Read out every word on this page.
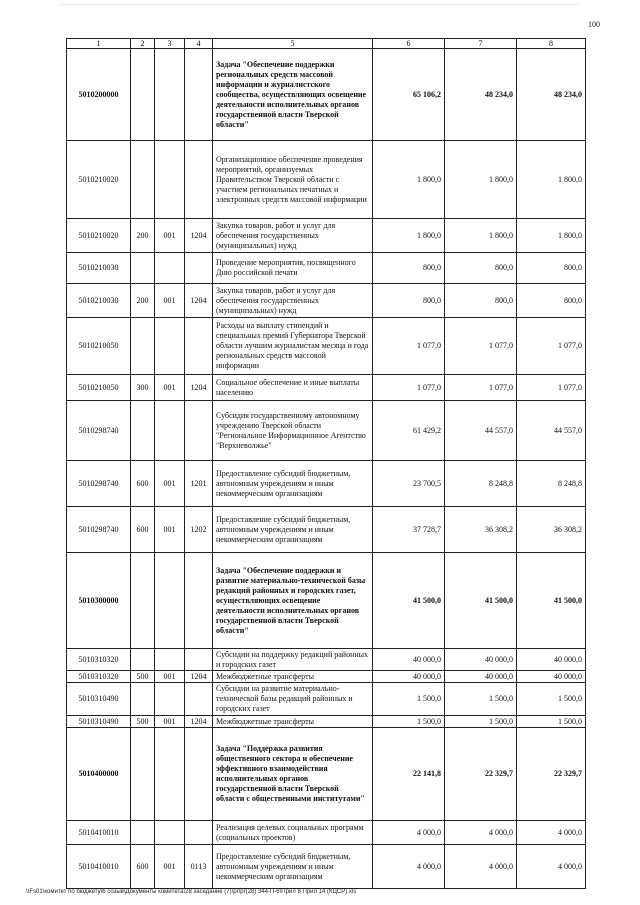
100
1	2	3	4	5	6	7	8
5010200000				Задача "Обеспечение поддержки региональных средств массовой информации и журналистского сообщества, осуществляющих освещение деятельности исполнительных органов государственной власти Тверской области"	65 106,2	48 234,0	48 234,0
5010210020				Организационное обеспечение проведения мероприятий, организуемых Правительством Тверской области с участием региональных печатных и электронных средств массовой информации	1 800,0	1 800,0	1 800,0
5010210020	200	001	1204	Закупка товаров, работ и услуг для обеспечения государственных (муниципальных) нужд	1 800,0	1 800,0	1 800,0
5010210030				Проведение мероприятия, посвященного Дню российской печати	800,0	800,0	800,0
5010210030	200	001	1204	Закупка товаров, работ и услуг для обеспечения государственных (муниципальных) нужд	800,0	800,0	800,0
5010210050				Расходы на выплату стипендий и специальных премий Губернатора Тверской области лучшим журналистам месяца и года региональных средств массовой информации	1 077,0	1 077,0	1 077,0
5010210050	300	001	1204	Социальное обеспечение и иные выплаты населению	1 077,0	1 077,0	1 077,0
5010298740				Субсидия государственному автономному учреждению Тверской области "Региональное Информационное Агентство "Верхневолжье"	61 429,2	44 557,0	44 557,0
5010298740	600	001	1201	Предоставление субсидий бюджетным, автономным учреждениям и иным некоммерческим организациям	23 700,5	8 248,8	8 248,8
5010298740	600	001	1202	Предоставление субсидий бюджетным, автономным учреждениям и иным некоммерческим организациям	37 728,7	36 308,2	36 308,2
5010300000				Задача "Обеспечение поддержки и развитие материально-технической базы редакций районных и городских газет, осуществляющих освещение деятельности исполнительных органов государственной власти Тверской области"	41 500,0	41 500,0	41 500,0
5010310320				Субсидии на поддержку редакций районных и городских газет	40 000,0	40 000,0	40 000,0
5010310320	500	001	1204	Межбюджетные трансферты	40 000,0	40 000,0	40 000,0
5010310490				Субсидии на развитие материально-технической базы редакций районных и городских газет	1 500,0	1 500,0	1 500,0
5010310490	500	001	1204	Межбюджетные трансферты	1 500,0	1 500,0	1 500,0
5010400000				Задача "Поддержка развития общественного сектора и обеспечение эффективного взаимодействия исполнительных органов государственной власти Тверской области с общественными институтами"	22 141,8	22 329,7	22 329,7
5010410010				Реализация целевых социальных программ (социальных проектов)	4 000,0	4 000,0	4 000,0
5010410010	600	001	0113	Предоставление субсидий бюджетным, автономным учреждениям и иным некоммерческим организациям	4 000,0	4 000,0	4 000,0
\\Fs01\комитет по бюджету\6 созыв\Документы комитета\28 заседание (7)\pr\pr(28) 344-П-6\Прил 8 Прил 14 (КЦСР).xls
